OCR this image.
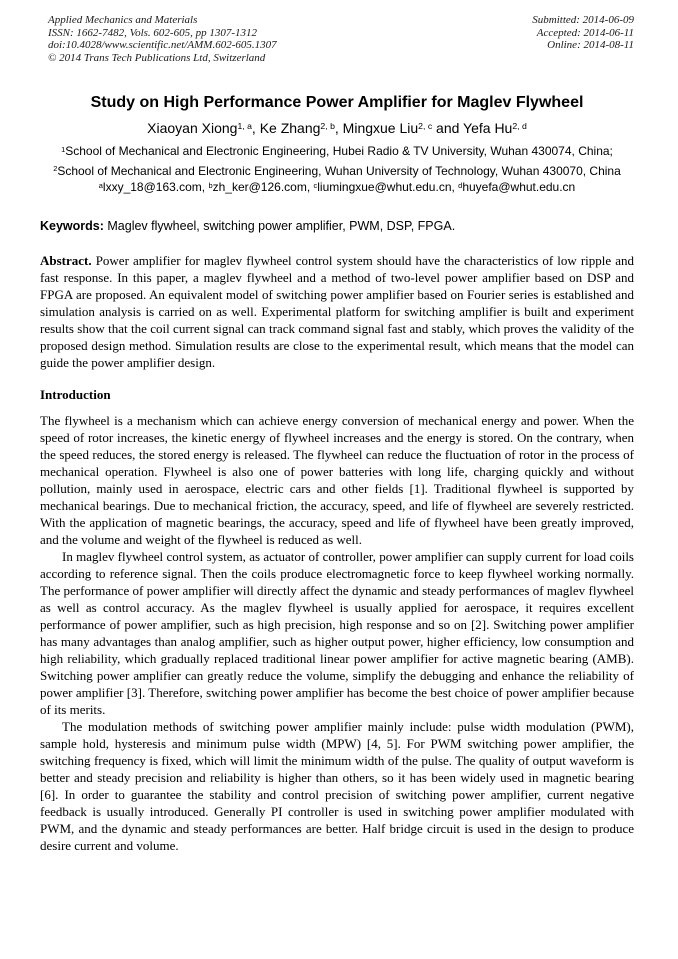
Applied Mechanics and Materials
ISSN: 1662-7482, Vols. 602-605, pp 1307-1312
doi:10.4028/www.scientific.net/AMM.602-605.1307
© 2014 Trans Tech Publications Ltd, Switzerland
Submitted: 2014-06-09
Accepted: 2014-06-11
Online: 2014-08-11
Study on High Performance Power Amplifier for Maglev Flywheel
Xiaoyan Xiong$^{1, a}$, Ke Zhang$^{2, b}$, Mingxue Liu$^{2, c}$ and Yefa Hu$^{2, d}$
$^1$School of Mechanical and Electronic Engineering, Hubei Radio & TV University, Wuhan 430074, China;
$^2$School of Mechanical and Electronic Engineering, Wuhan University of Technology, Wuhan 430070, China
$^a$lxxy_18@163.com, $^b$zh_ker@126.com, $^c$liumingxue@whut.edu.cn, $^d$huyefa@whut.edu.cn

Keywords: Maglev flywheel, switching power amplifier, PWM, DSP, FPGA.

Abstract. Power amplifier for maglev flywheel control system should have the characteristics of low ripple and fast response. In this paper, a maglev flywheel and a method of two-level power amplifier based on DSP and FPGA are proposed. An equivalent model of switching power amplifier based on Fourier series is established and simulation analysis is carried on as well. Experimental platform for switching amplifier is built and experiment results show that the coil current signal can track command signal fast and stably, which proves the validity of the proposed design method. Simulation results are close to the experimental result, which means that the model can guide the power amplifier design.

Introduction

The flywheel is a mechanism which can achieve energy conversion of mechanical energy and power. When the speed of rotor increases, the kinetic energy of flywheel increases and the energy is stored. On the contrary, when the speed reduces, the stored energy is released. The flywheel can reduce the fluctuation of rotor in the process of mechanical operation. Flywheel is also one of power batteries with long life, charging quickly and without pollution, mainly used in aerospace, electric cars and other fields [1]. Traditional flywheel is supported by mechanical bearings. Due to mechanical friction, the accuracy, speed, and life of flywheel are severely restricted. With the application of magnetic bearings, the accuracy, speed and life of flywheel have been greatly improved, and the volume and weight of the flywheel is reduced as well.

In maglev flywheel control system, as actuator of controller, power amplifier can supply current for load coils according to reference signal. Then the coils produce electromagnetic force to keep flywheel working normally. The performance of power amplifier will directly affect the dynamic and steady performances of maglev flywheel as well as control accuracy. As the maglev flywheel is usually applied for aerospace, it requires excellent performance of power amplifier, such as high precision, high response and so on [2]. Switching power amplifier has many advantages than analog amplifier, such as higher output power, higher efficiency, low consumption and high reliability, which gradually replaced traditional linear power amplifier for active magnetic bearing (AMB). Switching power amplifier can greatly reduce the volume, simplify the debugging and enhance the reliability of power amplifier [3]. Therefore, switching power amplifier has become the best choice of power amplifier because of its merits.

The modulation methods of switching power amplifier mainly include: pulse width modulation (PWM), sample hold, hysteresis and minimum pulse width (MPW) [4, 5]. For PWM switching power amplifier, the switching frequency is fixed, which will limit the minimum width of the pulse. The quality of output waveform is better and steady precision and reliability is higher than others, so it has been widely used in magnetic bearing [6]. In order to guarantee the stability and control precision of switching power amplifier, current negative feedback is usually introduced. Generally PI controller is used in switching power amplifier modulated with PWM, and the dynamic and steady performances are better. Half bridge circuit is used in the design to produce desire current and volume.
